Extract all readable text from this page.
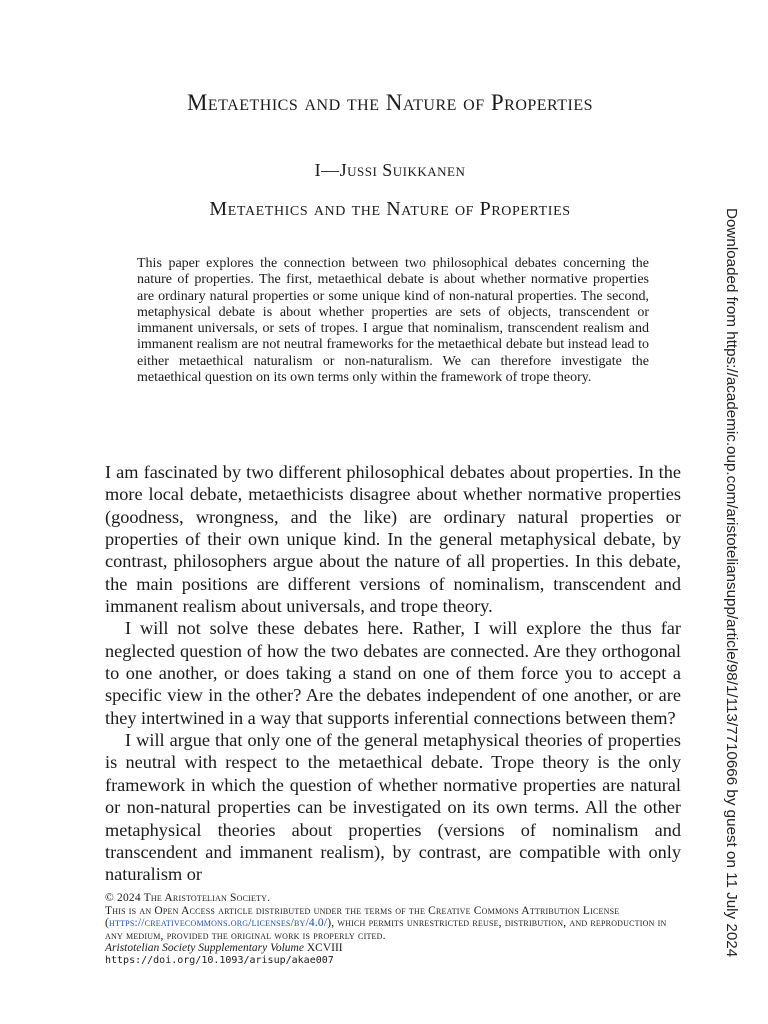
Metaethics and the Nature of Properties
I—Jussi Suikkanen
Metaethics and the Nature of Properties

This paper explores the connection between two philosophical debates concerning the nature of properties. The first, metaethical debate is about whether normative properties are ordinary natural properties or some unique kind of non-natural properties. The second, metaphysical debate is about whether properties are sets of objects, transcendent or immanent universals, or sets of tropes. I argue that nominalism, transcendent realism and immanent realism are not neutral frameworks for the metaethical debate but instead lead to either metaethical naturalism or non-naturalism. We can therefore investigate the metaethical question on its own terms only within the framework of trope theory.

I am fascinated by two different philosophical debates about properties. In the more local debate, metaethicists disagree about whether normative properties (goodness, wrongness, and the like) are ordinary natural properties or properties of their own unique kind. In the general metaphysical debate, by contrast, philosophers argue about the nature of all properties. In this debate, the main positions are different versions of nominalism, transcendent and immanent realism about universals, and trope theory.

I will not solve these debates here. Rather, I will explore the thus far neglected question of how the two debates are connected. Are they orthogonal to one another, or does taking a stand on one of them force you to accept a specific view in the other? Are the debates independent of one another, or are they intertwined in a way that supports inferential connections between them?

I will argue that only one of the general metaphysical theories of properties is neutral with respect to the metaethical debate. Trope theory is the only framework in which the question of whether normative properties are natural or non-natural properties can be investigated on its own terms. All the other metaphysical theories about properties (versions of nominalism and transcendent and immanent realism), by contrast, are compatible with only naturalism or

© 2024 The Aristotelian Society.
This is an Open Access article distributed under the terms of the Creative Commons Attribution License (https://creativecommons.org/licenses/by/4.0/), which permits unrestricted reuse, distribution, and reproduction in any medium, provided the original work is properly cited.
Aristotelian Society Supplementary Volume XCVIII
https://doi.org/10.1093/arisup/akae007
Downloaded from https://academic.oup.com/aristoteliansupp/article/98/1/113/7710666 by guest on 11 July 2024
